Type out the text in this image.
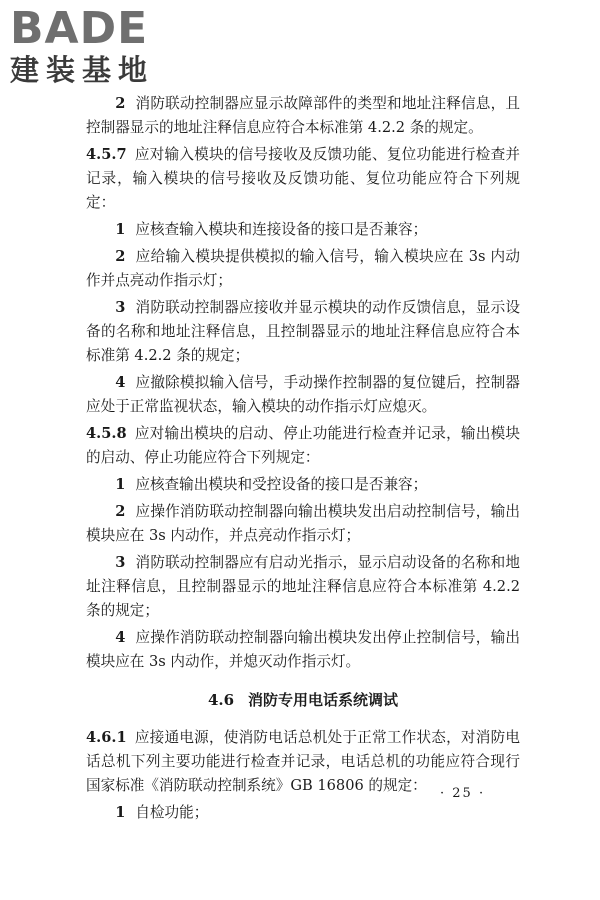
BADE
建装基地

2 消防联动控制器应显示故障部件的类型和地址注释信息，且控制器显示的地址注释信息应符合本标准第 4.2.2 条的规定。

4.5.7 应对输入模块的信号接收及反馈功能、复位功能进行检查并记录，输入模块的信号接收及反馈功能、复位功能应符合下列规定：

1 应核查输入模块和连接设备的接口是否兼容；

2 应给输入模块提供模拟的输入信号，输入模块应在 3s 内动作并点亮动作指示灯；

3 消防联动控制器应接收并显示模块的动作反馈信息，显示设备的名称和地址注释信息，且控制器显示的地址注释信息应符合本标准第 4.2.2 条的规定；

4 应撤除模拟输入信号，手动操作控制器的复位键后，控制器应处于正常监视状态，输入模块的动作指示灯应熄灭。

4.5.8 应对输出模块的启动、停止功能进行检查并记录，输出模块的启动、停止功能应符合下列规定：

1 应核查输出模块和受控设备的接口是否兼容；

2 应操作消防联动控制器向输出模块发出启动控制信号，输出模块应在 3s 内动作，并点亮动作指示灯；

3 消防联动控制器应有启动光指示，显示启动设备的名称和地址注释信息，且控制器显示的地址注释信息应符合本标准第 4.2.2 条的规定；

4 应操作消防联动控制器向输出模块发出停止控制信号，输出模块应在 3s 内动作，并熄灭动作指示灯。

4.6 消防专用电话系统调试

4.6.1 应接通电源，使消防电话总机处于正常工作状态，对消防电话总机下列主要功能进行检查并记录，电话总机的功能应符合现行国家标准《消防联动控制系统》GB 16806 的规定：

1 自检功能；

· 25 ·
